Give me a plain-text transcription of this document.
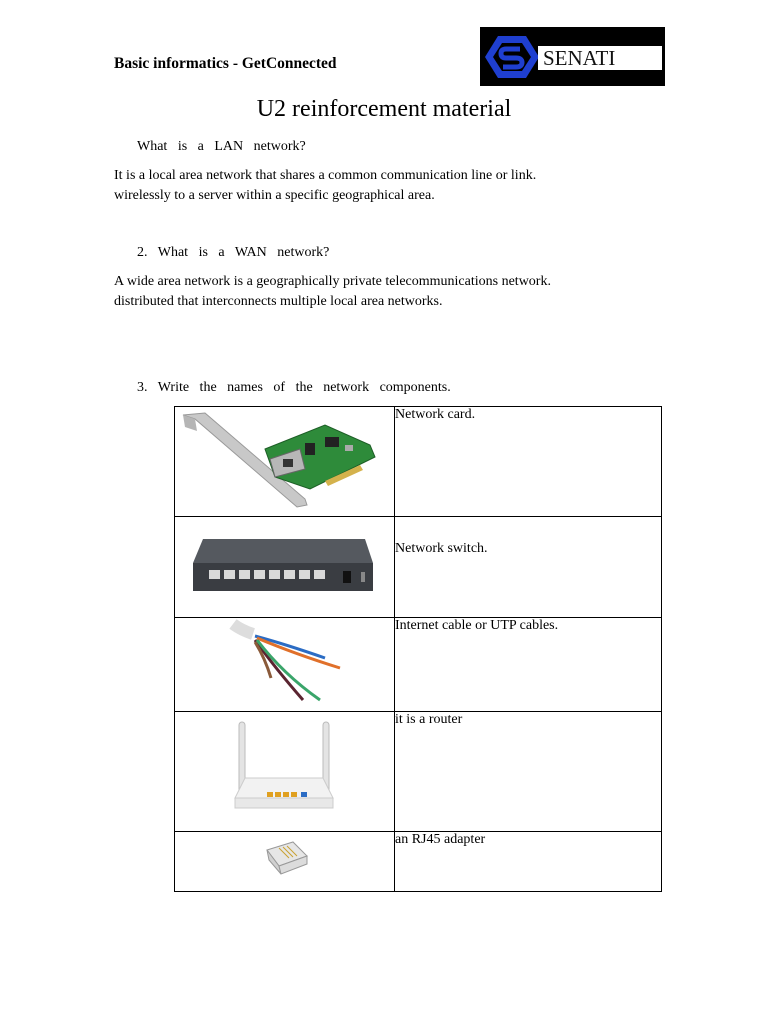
Basic informatics - GetConnected	SENATI
U2 reinforcement material
What   is   a   LAN   network?
It is a local area network that shares a common communication line or link.
wirelessly to a server within a specific geographical area.
2.   What   is   a   WAN   network?
A wide area network is a geographically private telecommunications network.
distributed that interconnects multiple local area networks.
3.   Write   the   names   of   the   network   components.
	Network card.
	Network switch.
	Internet cable or UTP cables.
	it is a router
	an RJ45 adapter
